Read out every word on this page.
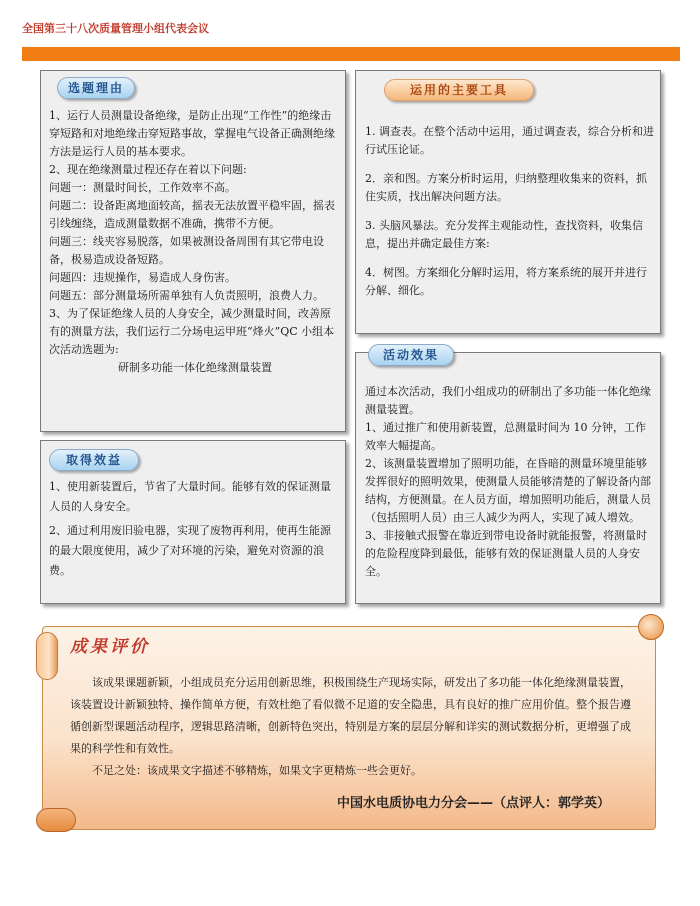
全国第三十八次质量管理小组代表会议
选题理由

1、运行人员测量设备绝缘，是防止出现“工作性”的绝缘击穿短路和对地绝缘击穿短路事故，掌握电气设备正确测绝缘方法是运行人员的基本要求。

2、现在绝缘测量过程还存在着以下问题:

问题一：测量时间长，工作效率不高。

问题二：设备距离地面较高，摇表无法放置平稳牢固，摇表引线缠绕，造成测量数据不准确，携带不方便。

问题三：线夹容易脱落，如果被测设备周围有其它带电设备，极易造成设备短路。

问题四：违规操作，易造成人身伤害。

问题五：部分测量场所需单独有人负责照明，浪费人力。

3、为了保证绝缘人员的人身安全，减少测量时间，改善原有的测量方法，我们运行二分场电运甲班“烽火”QC 小组本次活动选题为:

研制多功能一体化绝缘测量装置

运用的主要工具

1. 调查表。在整个活动中运用，通过调查表，综合分析和进行试压论证。

2．亲和图。方案分析时运用，归纳整理收集来的资料，抓住实质，找出解决问题方法。

3. 头脑风暴法。充分发挥主观能动性，查找资料，收集信息，提出并确定最佳方案:

4．树图。方案细化分解时运用，将方案系统的展开并进行分解、细化。

活动效果

通过本次活动，我们小组成功的研制出了多功能一体化绝缘测量装置。

1、通过推广和使用新装置，总测量时间为 10 分钟，工作效率大幅提高。

2、该测量装置增加了照明功能，在昏暗的测量环境里能够发挥很好的照明效果，使测量人员能够清楚的了解设备内部结构，方便测量。在人员方面，增加照明功能后，测量人员（包括照明人员）由三人减少为两人，实现了减人增效。

3、非接触式报警在靠近到带电设备时就能报警，将测量时的危险程度降到最低，能够有效的保证测量人员的人身安全。

取得效益

1、使用新装置后，节省了大量时间。能够有效的保证测量人员的人身安全。

2、通过利用废旧验电器，实现了废物再利用，使再生能源的最大限度使用，减少了对环境的污染，避免对资源的浪费。

成果评价

该成果课题新颖，小组成员充分运用创新思维，积极围绕生产现场实际，研发出了多功能一体化绝缘测量装置，该装置设计新颖独特、操作简单方便，有效杜绝了看似微不足道的安全隐患，具有良好的推广应用价值。整个报告遵循创新型课题活动程序，逻辑思路清晰，创新特色突出，特别是方案的层层分解和详实的测试数据分析，更增强了成果的科学性和有效性。

不足之处：该成果文字描述不够精炼，如果文字更精炼一些会更好。

中国水电质协电力分会——（点评人：郭学英）
